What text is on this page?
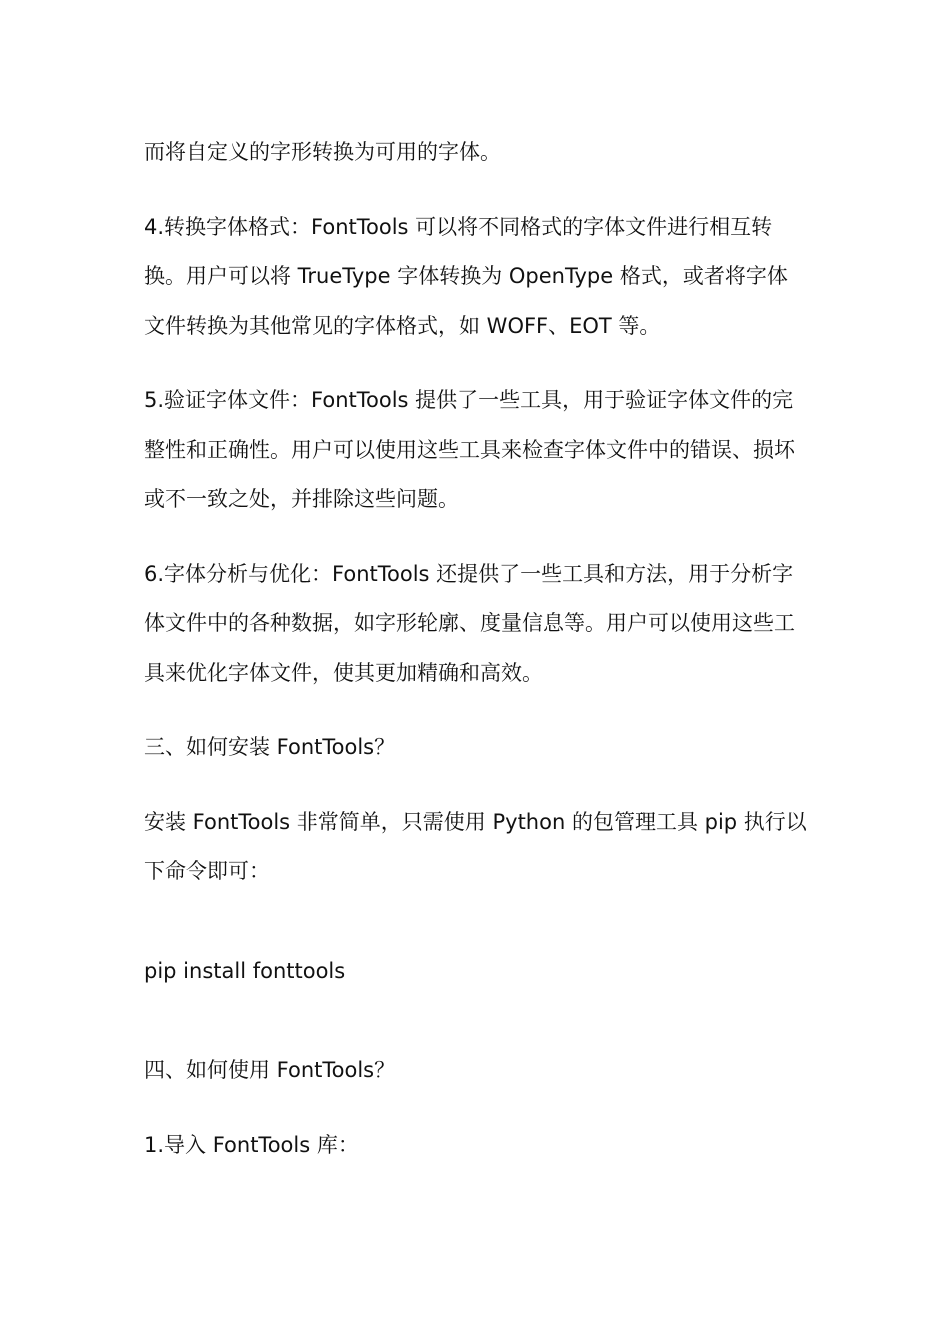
而将自定义的字形转换为可用的字体。

4.转换字体格式：FontTools 可以将不同格式的字体文件进行相互转换。用户可以将 TrueType 字体转换为 OpenType 格式，或者将字体文件转换为其他常见的字体格式，如 WOFF、EOT 等。

5.验证字体文件：FontTools 提供了一些工具，用于验证字体文件的完整性和正确性。用户可以使用这些工具来检查字体文件中的错误、损坏或不一致之处，并排除这些问题。

6.字体分析与优化：FontTools 还提供了一些工具和方法，用于分析字体文件中的各种数据，如字形轮廓、度量信息等。用户可以使用这些工具来优化字体文件，使其更加精确和高效。

三、如何安装 FontTools？

安装 FontTools 非常简单，只需使用 Python 的包管理工具 pip 执行以下命令即可：

pip install fonttools

四、如何使用 FontTools？

1.导入 FontTools 库：
